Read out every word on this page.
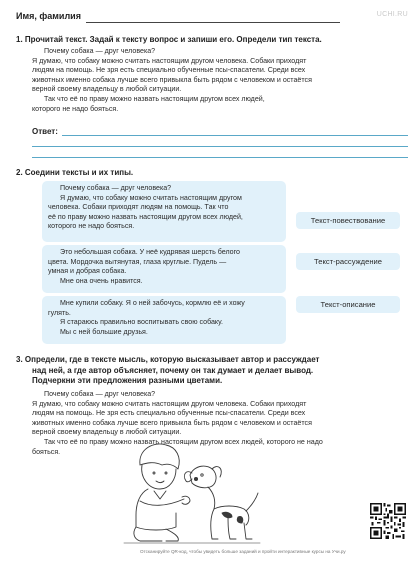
Имя, фамилия	UCHI.RU
1. Прочитай текст. Задай к тексту вопрос и запиши его. Определи тип текста.

Почему собака — друг человека?

Я думаю, что собаку можно считать настоящим другом человека. Собаки приходят

людям на помощь. Не зря есть специально обученные псы-спасатели. Среди всех

животных именно собака лучше всего привыкла быть рядом с человеком и остаётся

верной своему владельцу в любой ситуации.

Так что её по праву можно назвать настоящим другом всех людей,

которого не надо бояться.

Ответ:
2. Соедини тексты и их типы.

Почему собака — друг человека?

Я думаю, что собаку можно считать настоящим другом

человека. Собаки приходят людям на помощь. Так что

её по праву можно назвать настоящим другом всех людей,

которого не надо бояться.

Это небольшая собака. У неё кудрявая шерсть белого

цвета. Мордочка вытянутая, глаза круглые. Пудель —

умная и добрая собака.

Мне она очень нравится.

Мне купили собаку. Я о ней забочусь, кормлю её и хожу

гулять.

Я стараюсь правильно воспитывать свою собаку.

Мы с ней большие друзья.

Текст-повествование
Текст-рассуждение
Текст-описание
3. Определи, где в тексте мысль, которую высказывает автор и рассуждает
над ней, а где автор объясняет, почему он так думает и делает вывод.
Подчеркни эти предложения разными цветами.

Почему собака — друг человека?

Я думаю, что собаку можно считать настоящим другом человека. Собаки приходят

людям на помощь. Не зря есть специально обученные псы-спасатели. Среди всех

животных именно собака лучше всего привыкла быть рядом с человеком и остаётся

верной своему владельцу в любой ситуации.

Так что её по праву можно назвать настоящим другом всех людей, которого не надо

бояться.

Отсканируйте QR-код, чтобы увидеть больше заданий и пройти интерактивные курсы на Учи.ру
